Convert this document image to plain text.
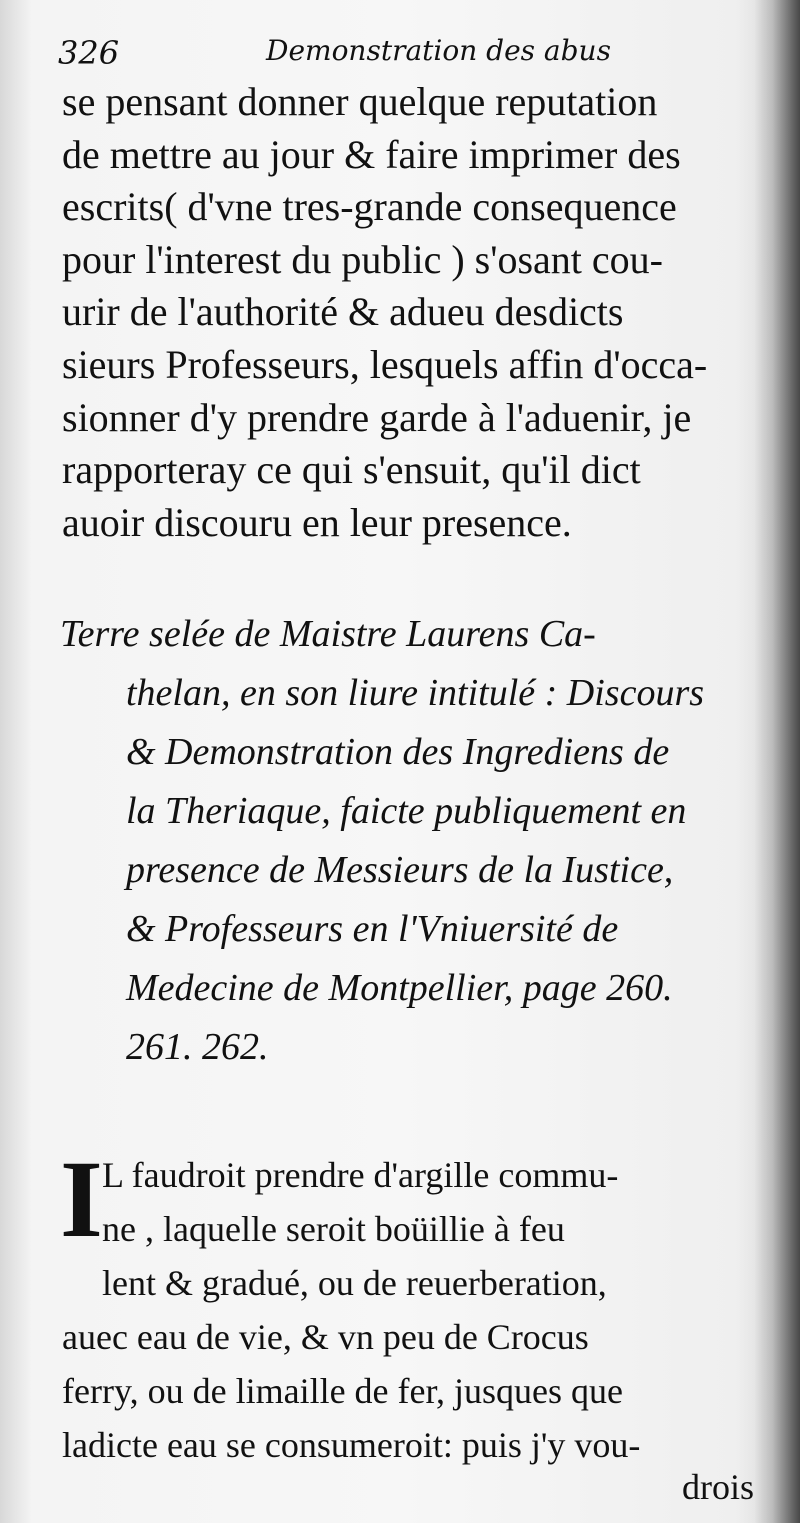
326	Demonstration des abus
se pensant donner quelque reputation
de mettre au jour & faire imprimer des
escrits( d'vne tres-grande consequence
pour l'interest du public ) s'osant cou-
urir de l'authorité & adueu desdicts
sieurs Professeurs, lesquels affin d'occa-
sionner d'y prendre garde à l'aduenir, je
rapporteray ce qui s'ensuit, qu'il dict
auoir discouru en leur presence.
Terre selée de Maistre Laurens Ca-
thelan, en son liure intitulé : Discours
& Demonstration des Ingrediens de
la Theriaque, faicte publiquement en
presence de Messieurs de la Iustice,
& Professeurs en l'Vniuersité de
Medecine de Montpellier, page 260.
261. 262.
I L faudroit prendre d'argille commu-
ne , laquelle seroit boüillie à feu
lent & gradué, ou de reuerberation,
auec eau de vie, & vn peu de Crocus
ferry, ou de limaille de fer, jusques que
ladicte eau se consumeroit: puis j'y vou-
drois
